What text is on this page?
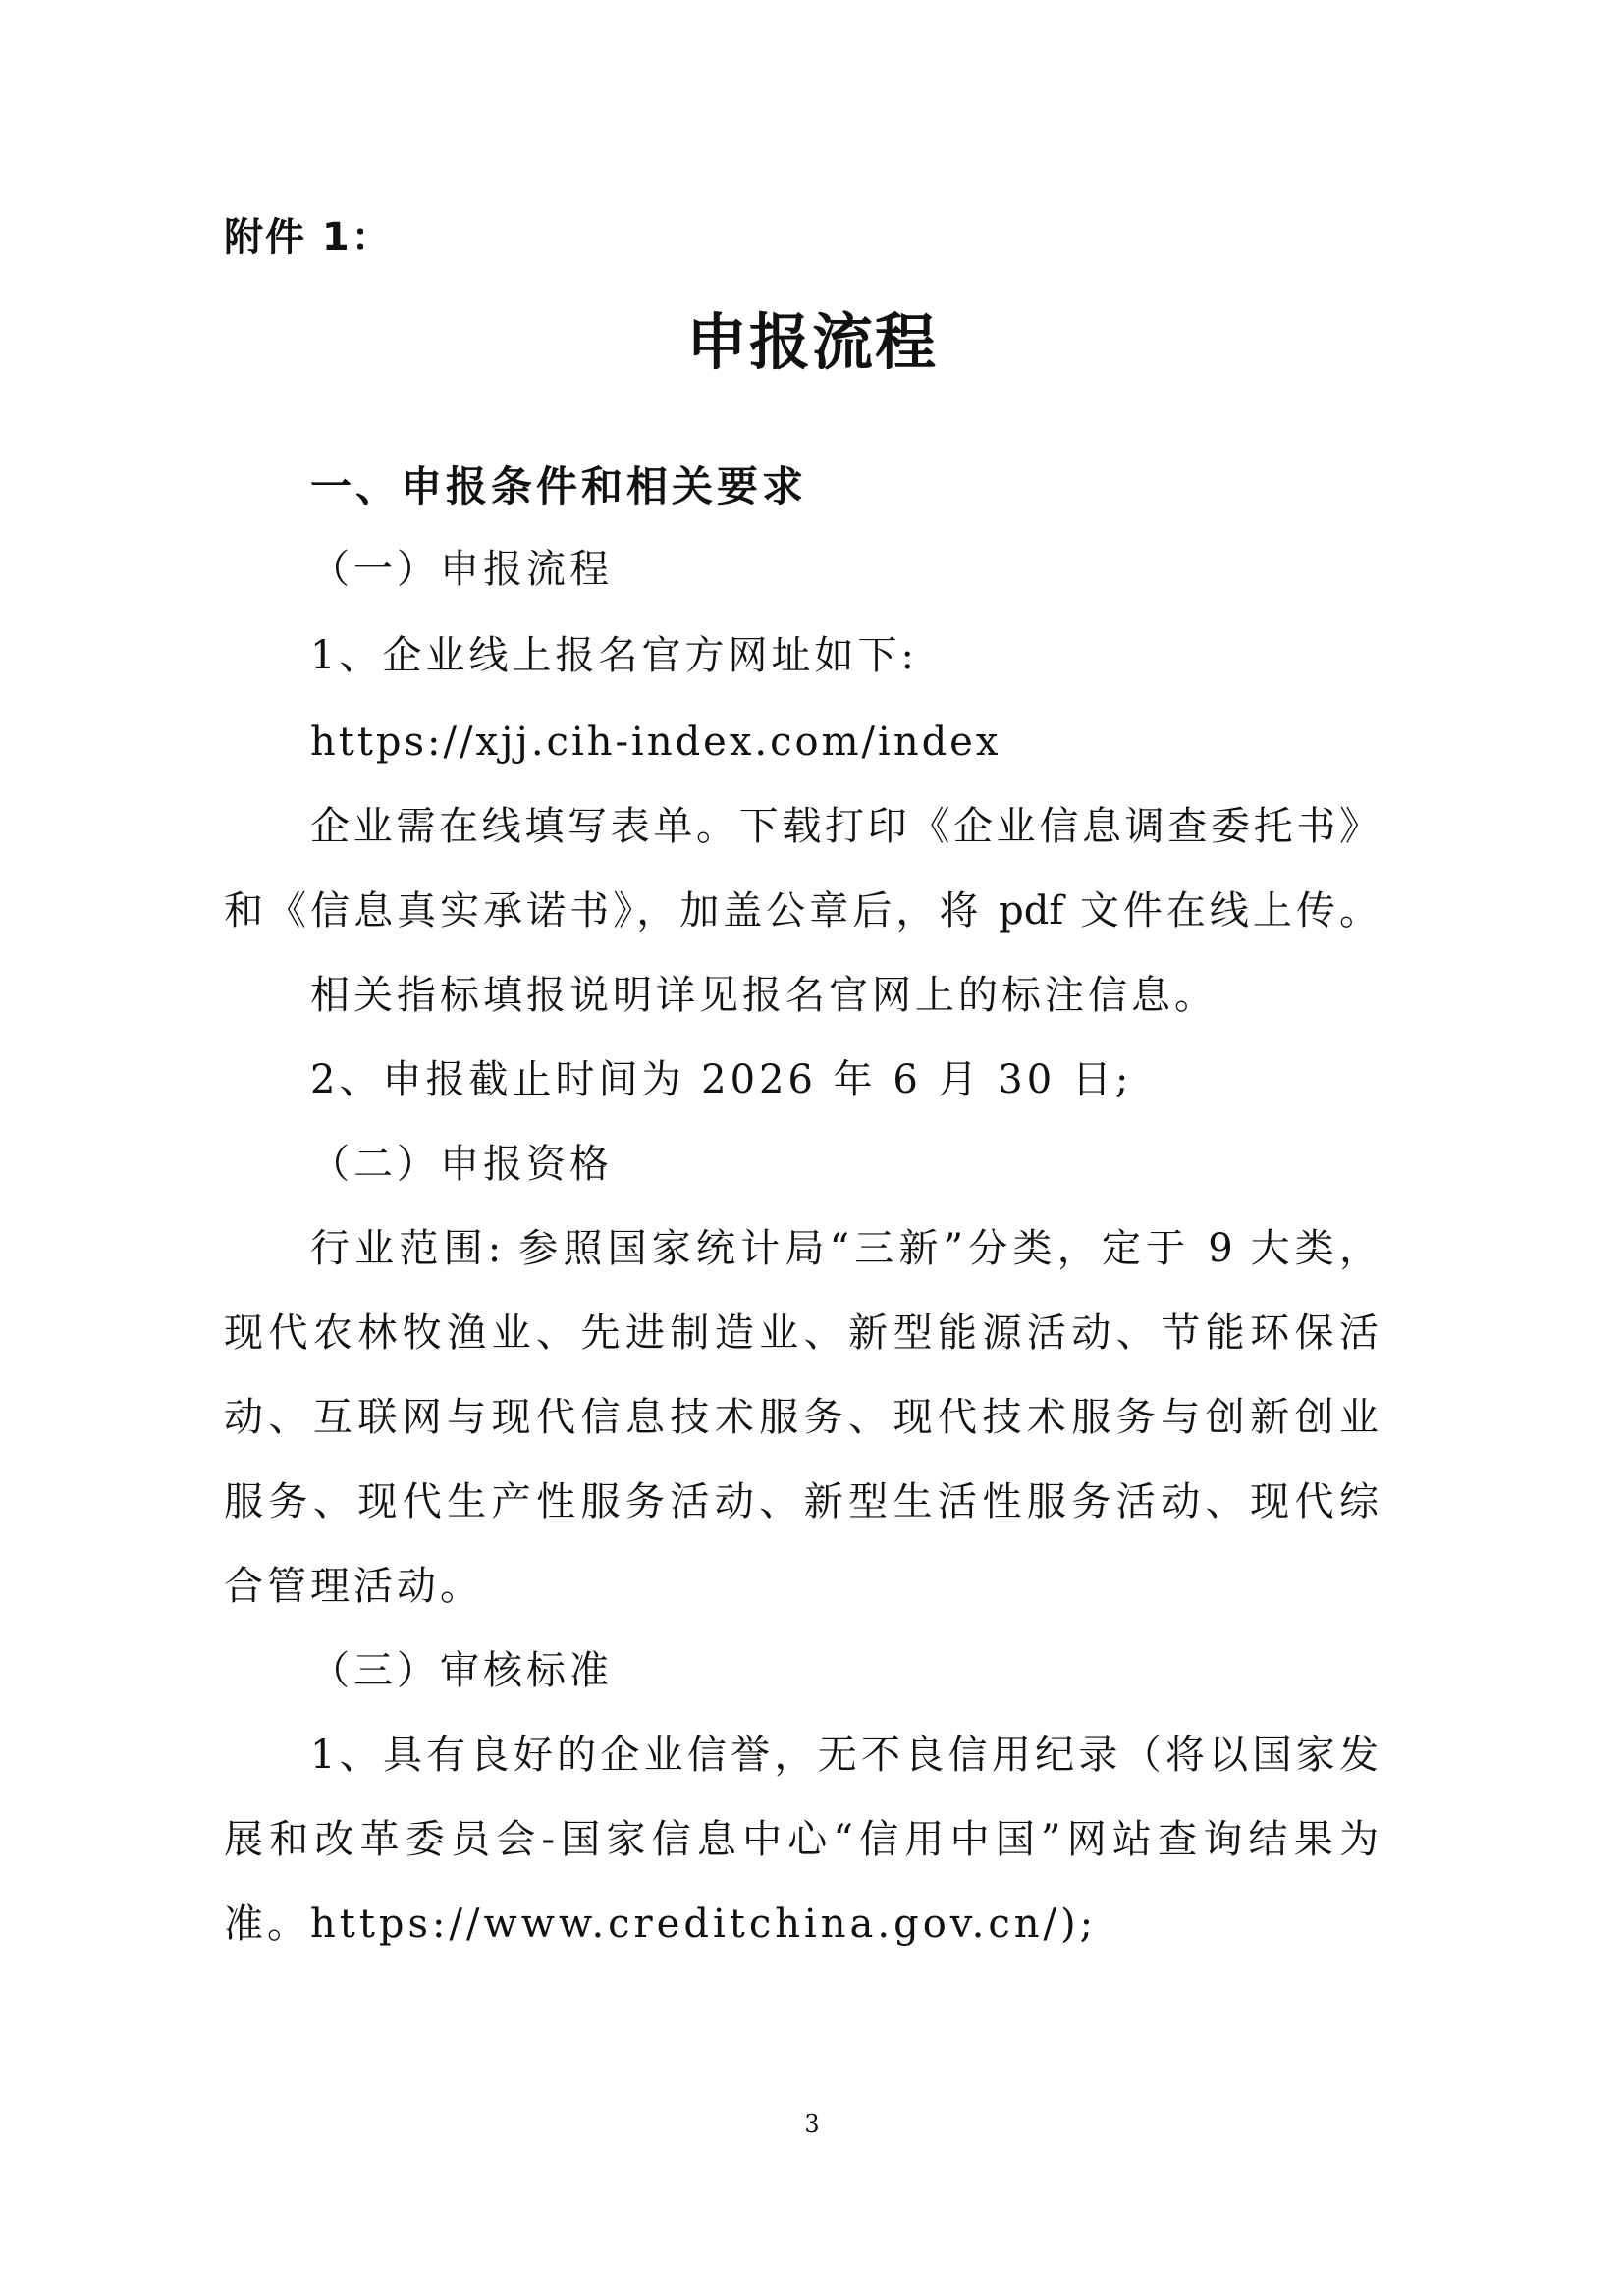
附件 1：
申报流程
一、申报条件和相关要求
（一）申报流程
1、企业线上报名官方网址如下:
https://xjj.cih-index.com/index
企业需在线填写表单。下载打印《企业信息调查委托书》
和《信息真实承诺书》，加盖公章后，将 pdf 文件在线上传。
相关指标填报说明详见报名官网上的标注信息。
2、申报截止时间为 2026 年 6 月 30 日;
（二）申报资格
行业范围: 参照国家统计局“三新”分类，定于 9 大类，
现代农林牧渔业、先进制造业、新型能源活动、节能环保活
动、互联网与现代信息技术服务、现代技术服务与创新创业
服务、现代生产性服务活动、新型生活性服务活动、现代综
合管理活动。
（三）审核标准
1、具有良好的企业信誉，无不良信用纪录（将以国家发
展和改革委员会-国家信息中心“信用中国”网站查询结果为
准。https://www.creditchina.gov.cn/);
3
